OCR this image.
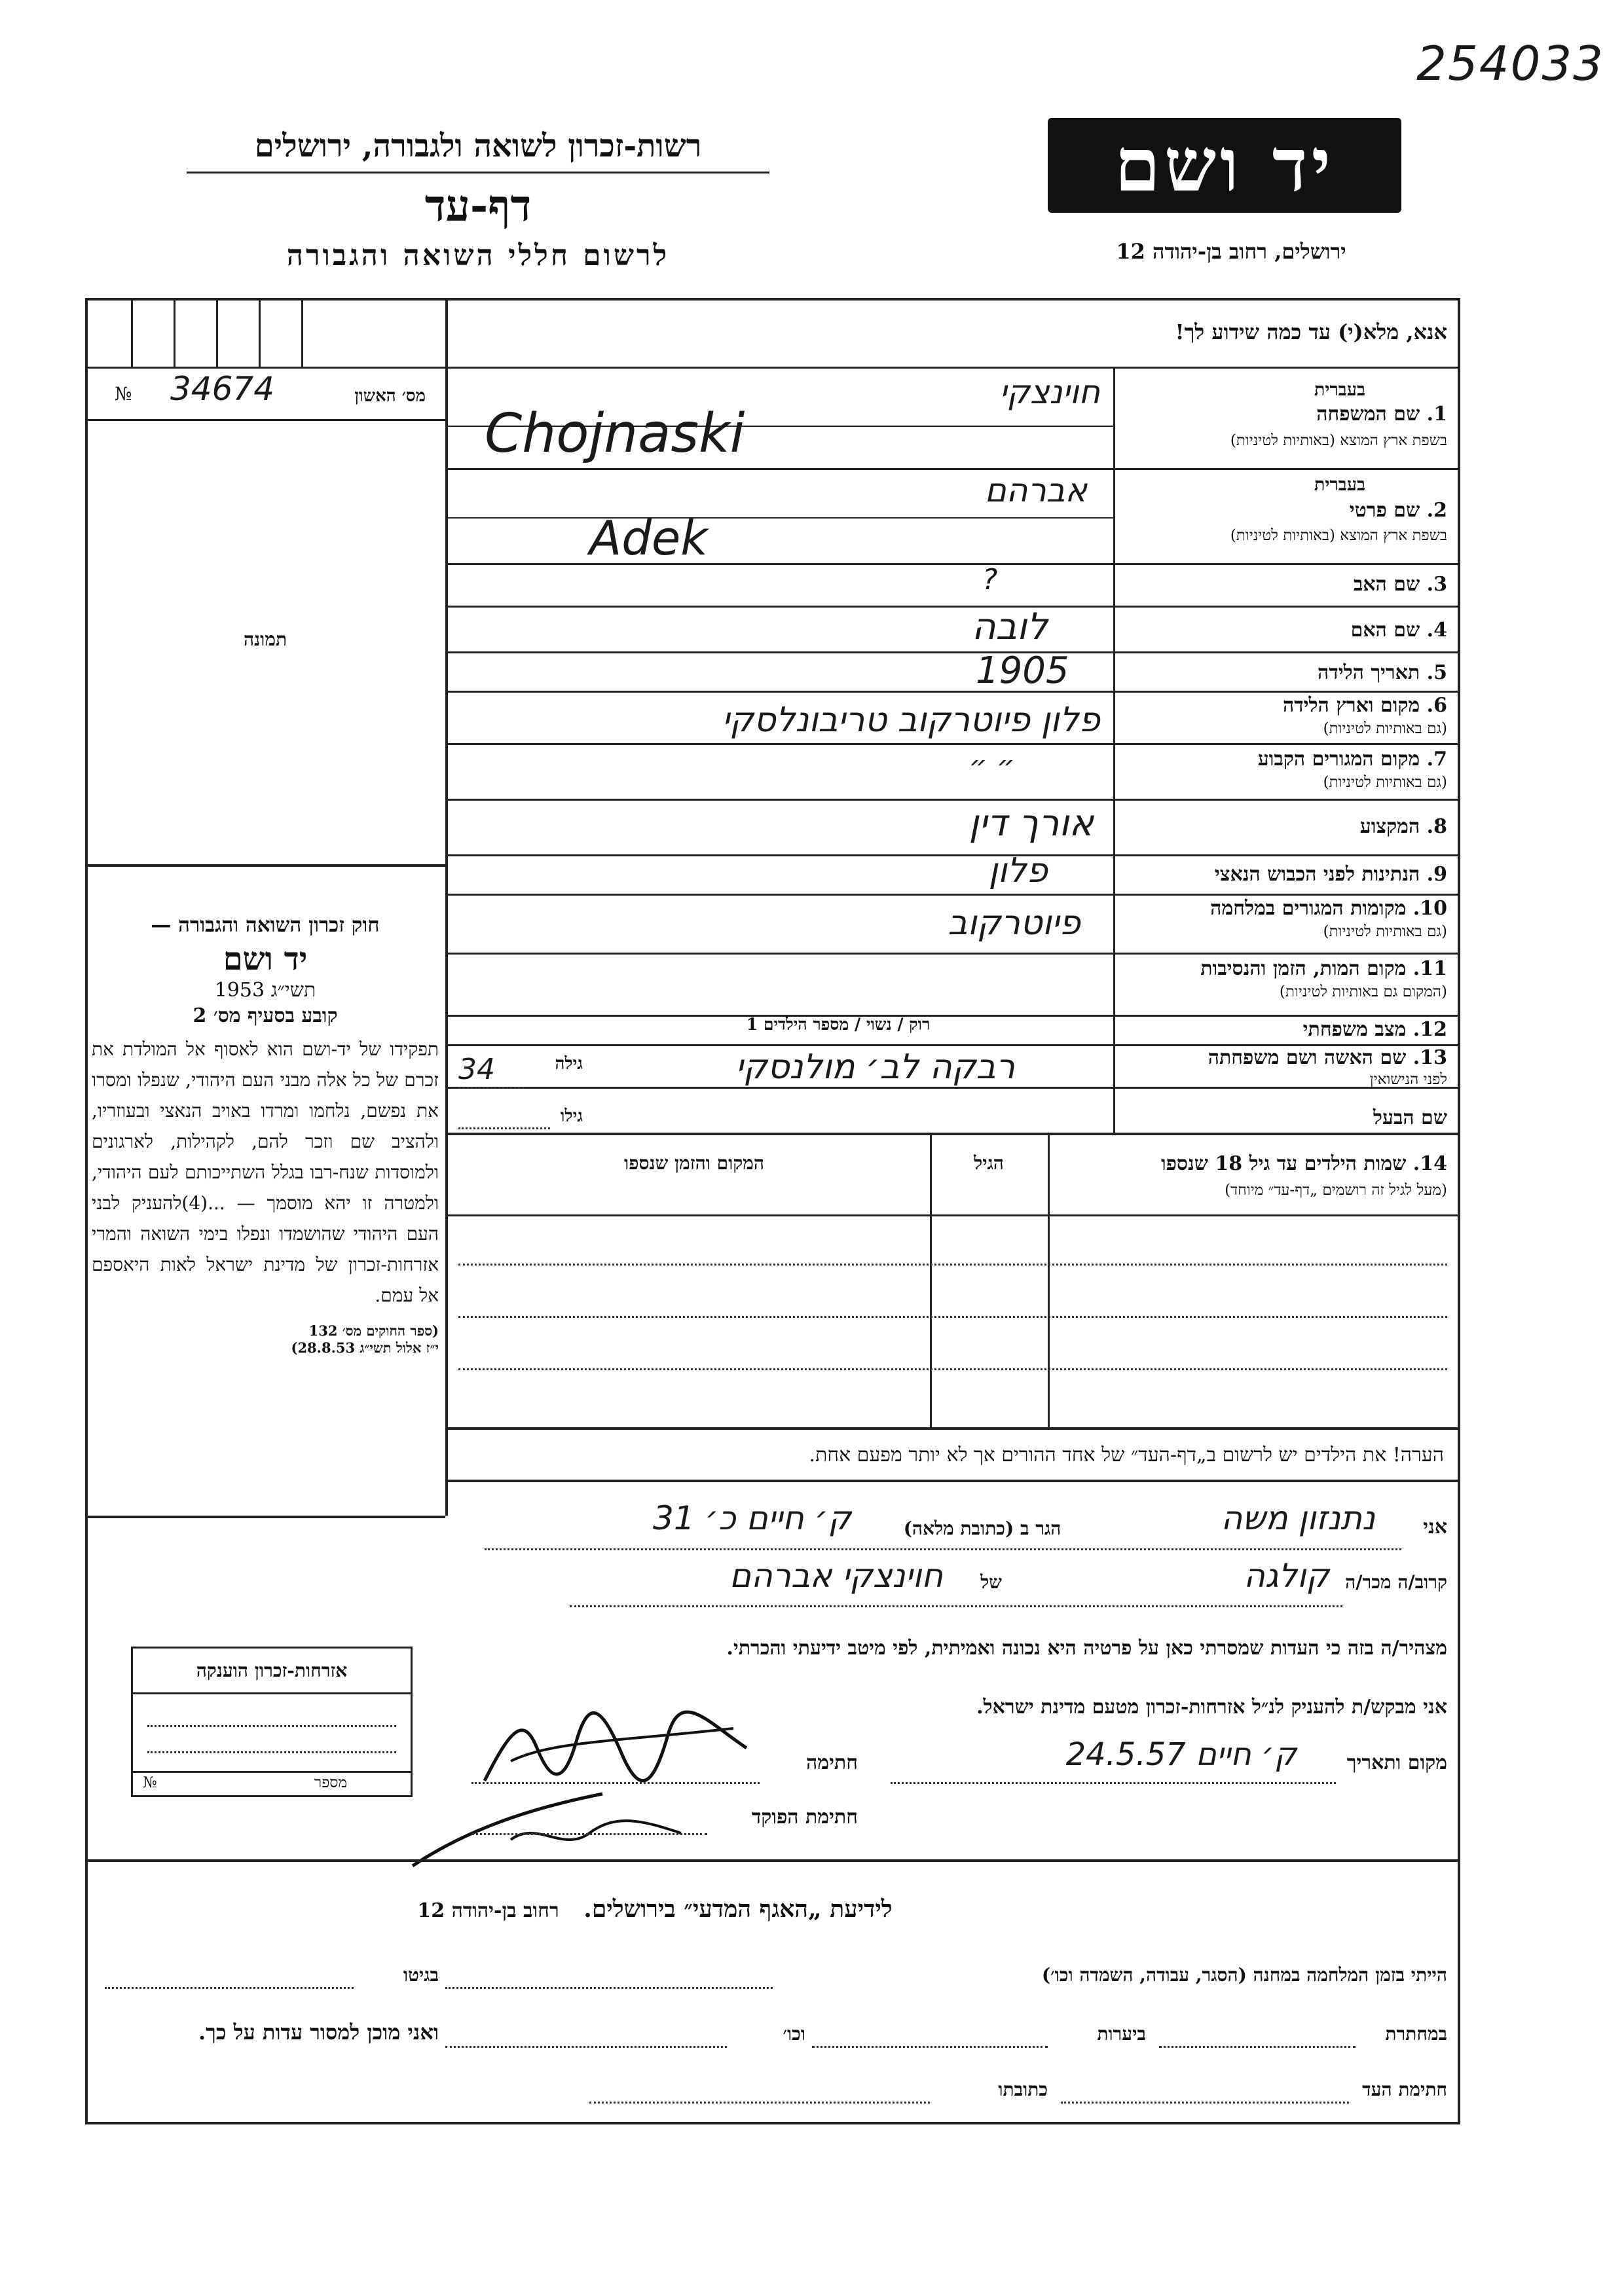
254033
רשות-זכרון לשואה ולגבורה, ירושלים
דף-עד
לרשום חללי השואה והגבורה
יד ושם
ירושלים, רחוב בן-יהודה 12
אנא, מלא(י) עד כמה שידוע לך!
№ 34674	מס׳ האשון
תמונה
חוק זכרון השואה והגבורה —
יד ושם
תשי״ג 1953
קובע בסעיף מס׳ 2
תפקידו של יד-ושם הוא לאסוף אל המולדת את זכרם של כל אלה מבני העם היהודי, שנפלו ומסרו את נפשם, נלחמו ומרדו באויב הנאצי ובעוזריו, ולהציב שם וזכר להם, לקהילות, לארגונים ולמוסדות שנח-רבו בגלל השתייכותם לעם היהודי, ולמטרה זו יהא מוסמך — ...(4)להעניק לבני העם היהודי שהושמדו ונפלו בימי השואה והמרי אזרחות-זכרון של מדינת ישראל לאות היאספם אל עמם.
(ספר החוקים מס׳ 132
י״ז אלול תשי״ג 28.8.53)
אזרחות-זכרון הוענקה
№	מספר
1. שם המשפחה
בעברית
בשפת ארץ המוצא (באותיות לטיניות)
חוינצקי
Chojnaski
2. שם פרטי
בעברית
בשפת ארץ המוצא (באותיות לטיניות)
אברהם
Adek
3. שם האב
?
4. שם האם
לובה
5. תאריך הלידה
1905
6. מקום וארץ הלידה
(גם באותיות לטיניות)
פלון פיוטרקוב טריבונלסקי
7. מקום המגורים הקבוע
(גם באותיות לטיניות)
״ ״
8. המקצוע
אורך דין
9. הנתינות לפני הכבוש הנאצי
פלון
10. מקומות המגורים במלחמה
(גם באותיות לטיניות)
פיוטרקוב
11. מקום המות, הזמן והנסיבות
(המקום גם באותיות לטיניות)
12. מצב משפחתי
רוק / נשוי / מספר הילדים 1
13. שם האשה ושם משפחתה
לפני הנישואין
רבקה לב׳ מולנסקי
גילה
34
שם הבעל
גילו
14. שמות הילדים עד גיל 18 שנספו
(מעל לגיל זה רושמים „דף-עד״ מיוחד)
הגיל
המקום והזמן שנספו
הערה! את הילדים יש לרשום ב„דף-העד״ של אחד ההורים אך לא יותר מפעם אחת.
אני
נתנזון משה
הגר ב (כתובת מלאה)
ק׳ חיים כ׳ 31
קרוב/ה מכר/ה
קולגה
של
חוינצקי אברהם
מצהיר/ה בזה כי העדות שמסרתי כאן על פרטיה היא נכונה ואמיתית, לפי מיטב ידיעתי והכרתי.
אני מבקש/ת להעניק לנ״ל אזרחות-זכרון מטעם מדינת ישראל.
מקום ותאריך
ק׳ חיים 24.5.57
חתימה
חתימת הפוקד
לידיעת „האגף המדעי״ בירושלים.   רחוב בן-יהודה 12
הייתי בזמן המלחמה במחנה (הסגר, עבודה, השמדה וכו׳)
בגיטו
במחתרת
ביערות
וכו׳
ואני מוכן למסור עדות על כך.
חתימת העד
כתובתו
